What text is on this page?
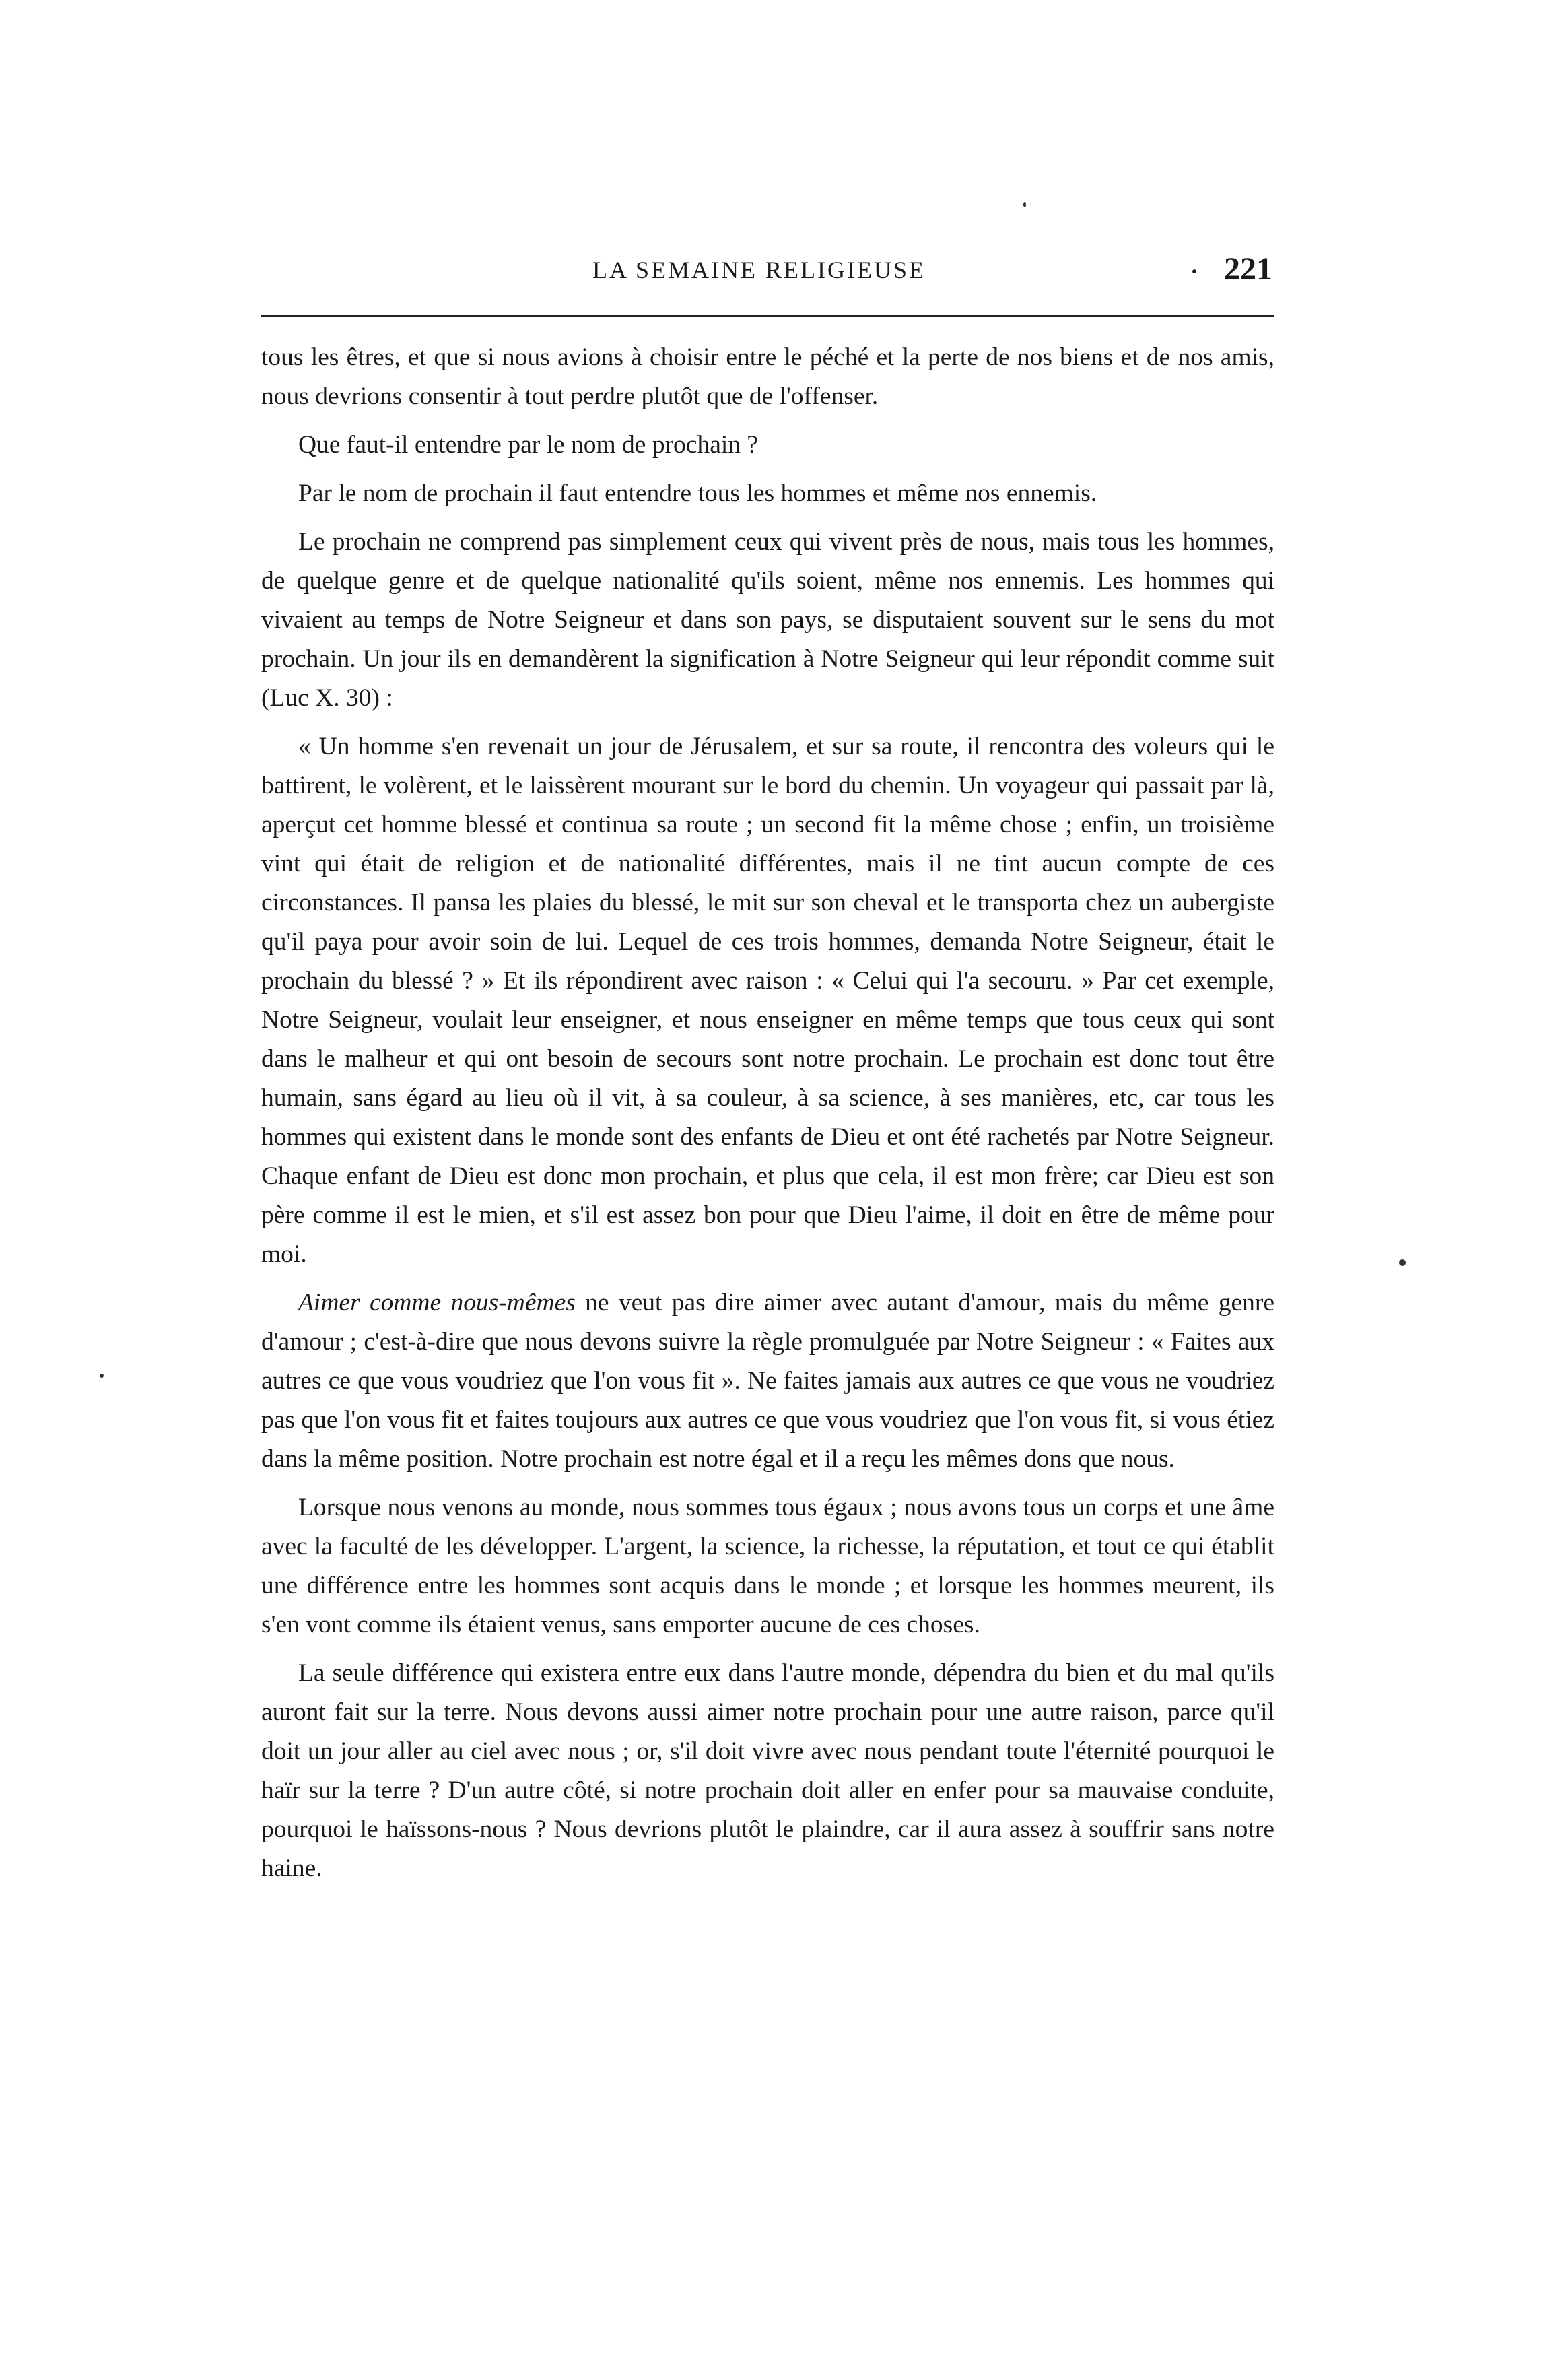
LA SEMAINE RELIGIEUSE	· 221

tous les êtres, et que si nous avions à choisir entre le péché et la perte de nos biens et de nos amis, nous devrions consentir à tout perdre plutôt que de l'offenser.

Que faut-il entendre par le nom de prochain ?

Par le nom de prochain il faut entendre tous les hommes et même nos ennemis.

Le prochain ne comprend pas simplement ceux qui vivent près de nous, mais tous les hommes, de quelque genre et de quelque nationalité qu'ils soient, même nos ennemis. Les hommes qui vivaient au temps de Notre Seigneur et dans son pays, se disputaient souvent sur le sens du mot prochain. Un jour ils en demandèrent la signification à Notre Seigneur qui leur répondit comme suit (Luc X. 30) :

« Un homme s'en revenait un jour de Jérusalem, et sur sa route, il rencontra des voleurs qui le battirent, le volèrent, et le laissèrent mourant sur le bord du chemin. Un voyageur qui passait par là, aperçut cet homme blessé et continua sa route ; un second fit la même chose ; enfin, un troisième vint qui était de religion et de nationalité différentes, mais il ne tint aucun compte de ces circonstances. Il pansa les plaies du blessé, le mit sur son cheval et le transporta chez un aubergiste qu'il paya pour avoir soin de lui. Lequel de ces trois hommes, demanda Notre Seigneur, était le prochain du blessé ? » Et ils répondirent avec raison : « Celui qui l'a secouru. » Par cet exemple, Notre Seigneur, voulait leur enseigner, et nous enseigner en même temps que tous ceux qui sont dans le malheur et qui ont besoin de secours sont notre prochain. Le prochain est donc tout être humain, sans égard au lieu où il vit, à sa couleur, à sa science, à ses manières, etc, car tous les hommes qui existent dans le monde sont des enfants de Dieu et ont été rachetés par Notre Seigneur. Chaque enfant de Dieu est donc mon prochain, et plus que cela, il est mon frère; car Dieu est son père comme il est le mien, et s'il est assez bon pour que Dieu l'aime, il doit en être de même pour moi.

Aimer comme nous-mêmes ne veut pas dire aimer avec autant d'amour, mais du même genre d'amour ; c'est-à-dire que nous devons suivre la règle promulguée par Notre Seigneur : « Faites aux autres ce que vous voudriez que l'on vous fit ». Ne faites jamais aux autres ce que vous ne voudriez pas que l'on vous fit et faites toujours aux autres ce que vous voudriez que l'on vous fit, si vous étiez dans la même position. Notre prochain est notre égal et il a reçu les mêmes dons que nous.

Lorsque nous venons au monde, nous sommes tous égaux ; nous avons tous un corps et une âme avec la faculté de les développer. L'argent, la science, la richesse, la réputation, et tout ce qui établit une différence entre les hommes sont acquis dans le monde ; et lorsque les hommes meurent, ils s'en vont comme ils étaient venus, sans emporter aucune de ces choses.

La seule différence qui existera entre eux dans l'autre monde, dépendra du bien et du mal qu'ils auront fait sur la terre. Nous devons aussi aimer notre prochain pour une autre raison, parce qu'il doit un jour aller au ciel avec nous ; or, s'il doit vivre avec nous pendant toute l'éternité pourquoi le haïr sur la terre ? D'un autre côté, si notre prochain doit aller en enfer pour sa mauvaise conduite, pourquoi le haïssons-nous ? Nous devrions plutôt le plaindre, car il aura assez à souffrir sans notre haine.
